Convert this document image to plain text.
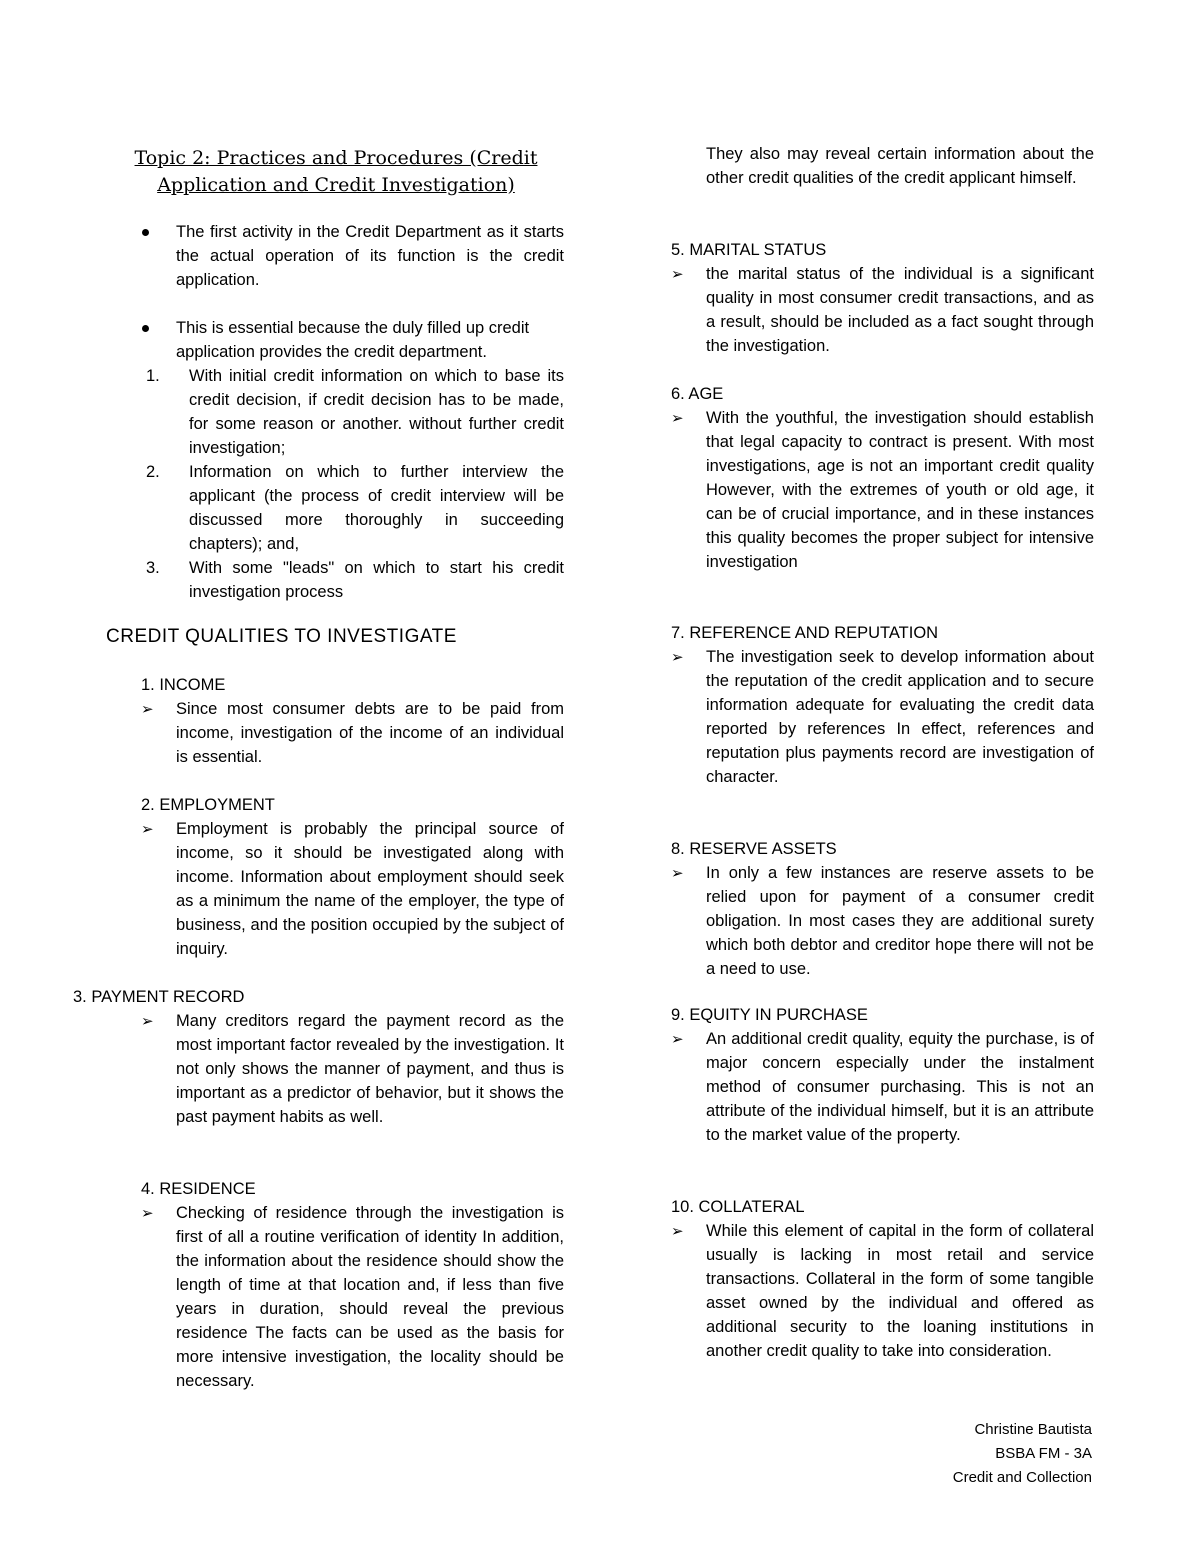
Topic 2: Practices and Procedures (Credit Application and Credit Investigation)
The first activity in the Credit Department as it starts the actual operation of its function is the credit application.
This is essential because the duly filled up credit application provides the credit department.
1. With initial credit information on which to base its credit decision, if credit decision has to be made, for some reason or another. without further credit investigation;
2. Information on which to further interview the applicant (the process of credit interview will be discussed more thoroughly in succeeding chapters); and,
3. With some "leads" on which to start his credit investigation process
CREDIT QUALITIES TO INVESTIGATE
1. INCOME
➢ Since most consumer debts are to be paid from income, investigation of the income of an individual is essential.
2. EMPLOYMENT
➢ Employment is probably the principal source of income, so it should be investigated along with income. Information about employment should seek as a minimum the name of the employer, the type of business, and the position occupied by the subject of inquiry.
3. PAYMENT RECORD
➢ Many creditors regard the payment record as the most important factor revealed by the investigation. It not only shows the manner of payment, and thus is important as a predictor of behavior, but it shows the past payment habits as well.
4. RESIDENCE
➢ Checking of residence through the investigation is first of all a routine verification of identity In addition, the information about the residence should show the length of time at that location and, if less than five years in duration, should reveal the previous residence The facts can be used as the basis for more intensive investigation, the locality should be necessary.
They also may reveal certain information about the other credit qualities of the credit applicant himself.
5. MARITAL STATUS
➢ the marital status of the individual is a significant quality in most consumer credit transactions, and as a result, should be included as a fact sought through the investigation.
6. AGE
➢ With the youthful, the investigation should establish that legal capacity to contract is present. With most investigations, age is not an important credit quality However, with the extremes of youth or old age, it can be of crucial importance, and in these instances this quality becomes the proper subject for intensive investigation
7. REFERENCE AND REPUTATION
➢ The investigation seek to develop information about the reputation of the credit application and to secure information adequate for evaluating the credit data reported by references In effect, references and reputation plus payments record are investigation of character.
8. RESERVE ASSETS
➢ In only a few instances are reserve assets to be relied upon for payment of a consumer credit obligation. In most cases they are additional surety which both debtor and creditor hope there will not be a need to use.
9. EQUITY IN PURCHASE
➢ An additional credit quality, equity the purchase, is of major concern especially under the instalment method of consumer purchasing. This is not an attribute of the individual himself, but it is an attribute to the market value of the property.
10. COLLATERAL
➢ While this element of capital in the form of collateral usually is lacking in most retail and service transactions. Collateral in the form of some tangible asset owned by the individual and offered as additional security to the loaning institutions in another credit quality to take into consideration.
Christine Bautista
BSBA FM - 3A
Credit and Collection
